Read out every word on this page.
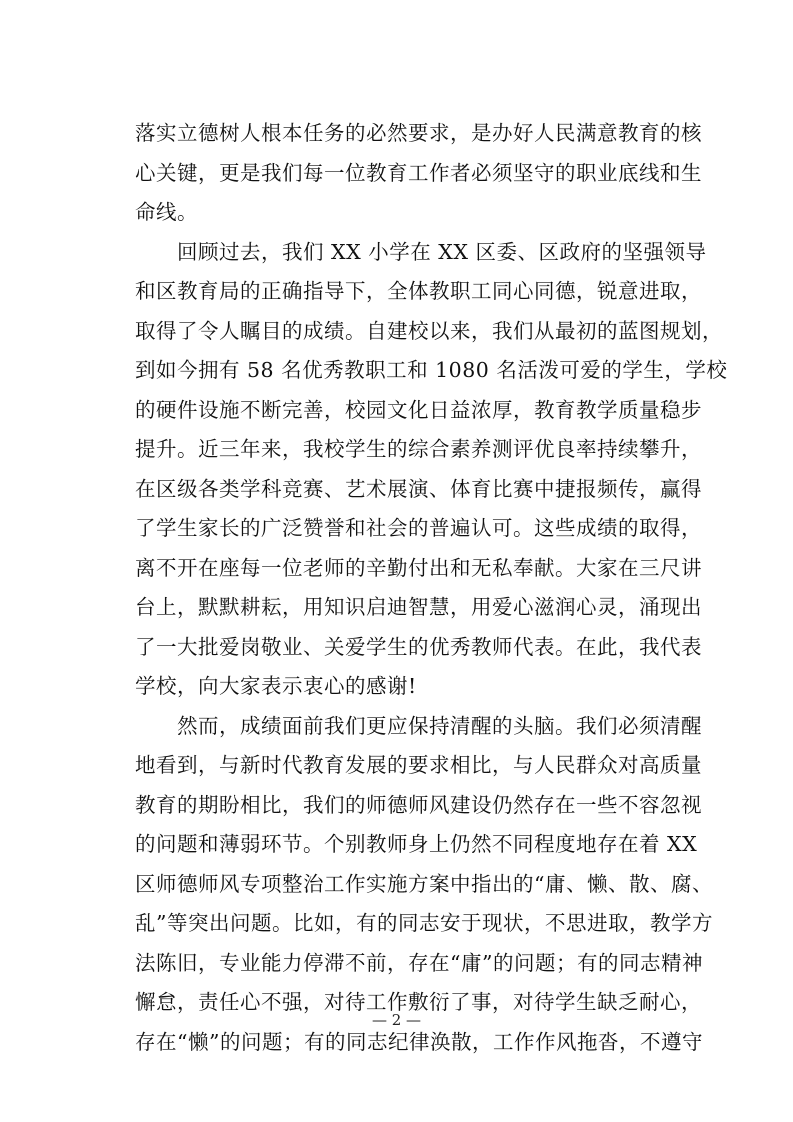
落实立德树人根本任务的必然要求，是办好人民满意教育的核
心关键，更是我们每一位教育工作者必须坚守的职业底线和生
命线。
　　回顾过去，我们 XX 小学在 XX 区委、区政府的坚强领导
和区教育局的正确指导下，全体教职工同心同德，锐意进取，
取得了令人瞩目的成绩。自建校以来，我们从最初的蓝图规划，
到如今拥有 58 名优秀教职工和 1080 名活泼可爱的学生，学校
的硬件设施不断完善，校园文化日益浓厚，教育教学质量稳步
提升。近三年来，我校学生的综合素养测评优良率持续攀升，
在区级各类学科竞赛、艺术展演、体育比赛中捷报频传，赢得
了学生家长的广泛赞誉和社会的普遍认可。这些成绩的取得，
离不开在座每一位老师的辛勤付出和无私奉献。大家在三尺讲
台上，默默耕耘，用知识启迪智慧，用爱心滋润心灵，涌现出
了一大批爱岗敬业、关爱学生的优秀教师代表。在此，我代表
学校，向大家表示衷心的感谢!
　　然而，成绩面前我们更应保持清醒的头脑。我们必须清醒
地看到，与新时代教育发展的要求相比，与人民群众对高质量
教育的期盼相比，我们的师德师风建设仍然存在一些不容忽视
的问题和薄弱环节。个别教师身上仍然不同程度地存在着 XX
区师德师风专项整治工作实施方案中指出的“庸、懒、散、腐、
乱”等突出问题。比如，有的同志安于现状，不思进取，教学方
法陈旧，专业能力停滞不前，存在“庸”的问题；有的同志精神
懈怠，责任心不强，对待工作敷衍了事，对待学生缺乏耐心，
存在“懒”的问题；有的同志纪律涣散，工作作风拖沓，不遵守
— 2 —
